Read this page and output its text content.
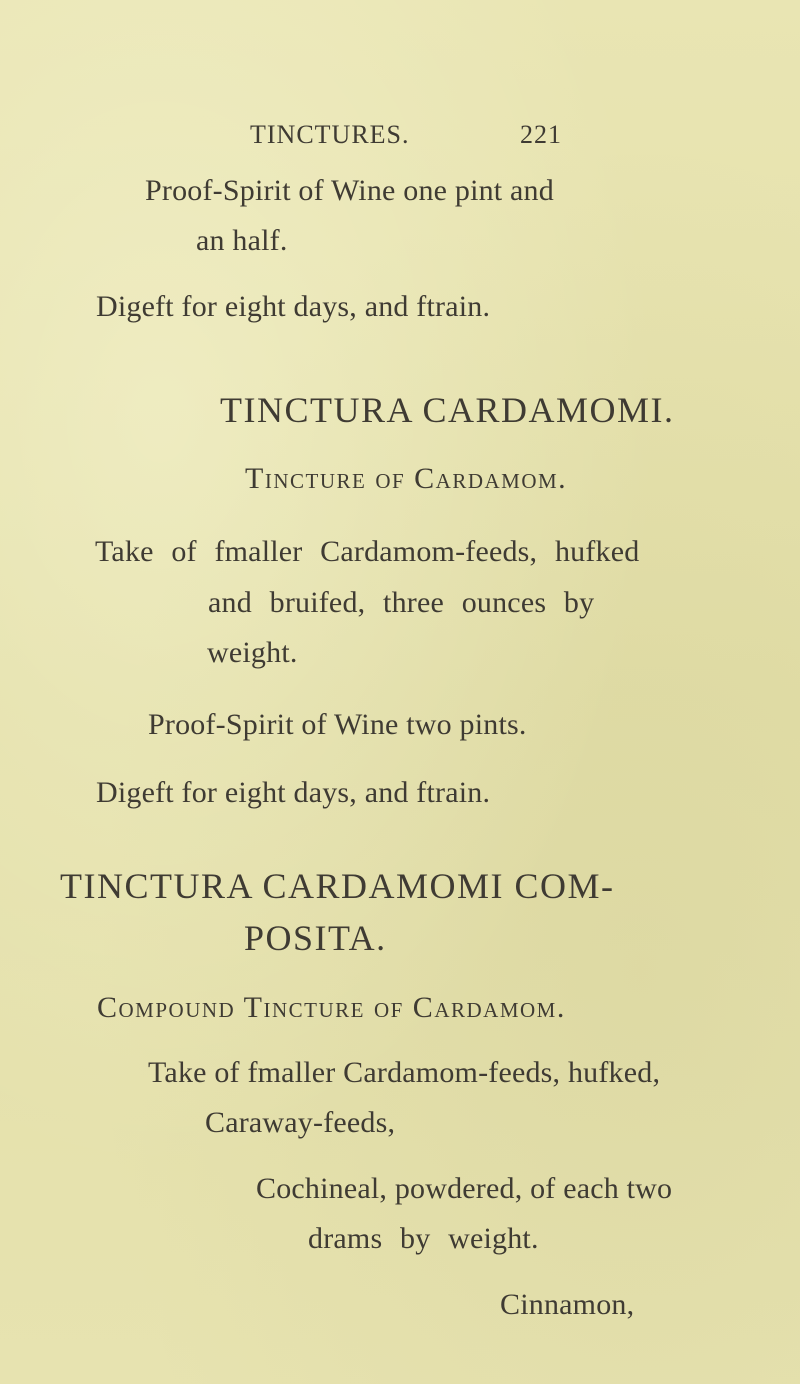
TINCTURES.	221
Proof-Spirit of Wine one pint and
an half.
Digeft for eight days, and ftrain.
TINCTURA CARDAMOMI.
Tincture of Cardamom.
Take of fmaller Cardamom-feeds, hufked
and bruifed, three ounces by
weight.
Proof-Spirit of Wine two pints.
Digeft for eight days, and ftrain.
TINCTURA CARDAMOMI COM-
POSITA.
Compound Tincture of Cardamom.
Take of fmaller Cardamom-feeds, hufked,
Caraway-feeds,
Cochineal, powdered, of each two
drams by weight.
Cinnamon,
